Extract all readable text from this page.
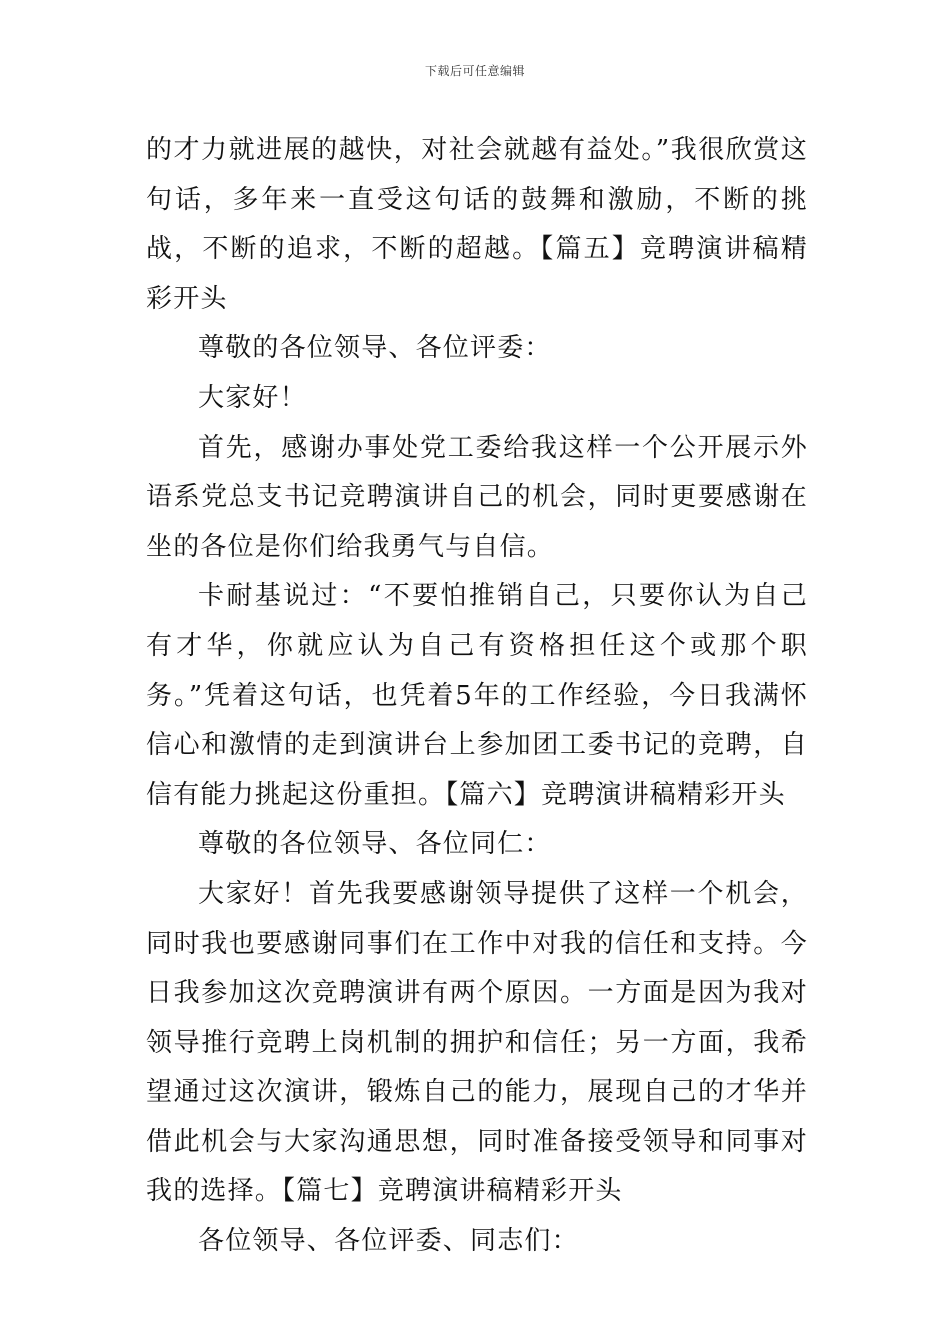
下载后可任意编辑

的才力就进展的越快，对社会就越有益处。”我很欣赏这句话，多年来一直受这句话的鼓舞和激励，不断的挑战，不断的追求，不断的超越。【篇五】竞聘演讲稿精彩开头

尊敬的各位领导、各位评委：

大家好！

首先，感谢办事处党工委给我这样一个公开展示外语系党总支书记竞聘演讲自己的机会，同时更要感谢在坐的各位是你们给我勇气与自信。

卡耐基说过：“不要怕推销自己，只要你认为自己有才华，你就应认为自己有资格担任这个或那个职务。”凭着这句话，也凭着5年的工作经验，今日我满怀信心和激情的走到演讲台上参加团工委书记的竞聘，自信有能力挑起这份重担。【篇六】竞聘演讲稿精彩开头

尊敬的各位领导、各位同仁：

大家好！首先我要感谢领导提供了这样一个机会，同时我也要感谢同事们在工作中对我的信任和支持。今日我参加这次竞聘演讲有两个原因。一方面是因为我对领导推行竞聘上岗机制的拥护和信任；另一方面，我希望通过这次演讲，锻炼自己的能力，展现自己的才华并借此机会与大家沟通思想，同时准备接受领导和同事对我的选择。【篇七】竞聘演讲稿精彩开头

各位领导、各位评委、同志们：
